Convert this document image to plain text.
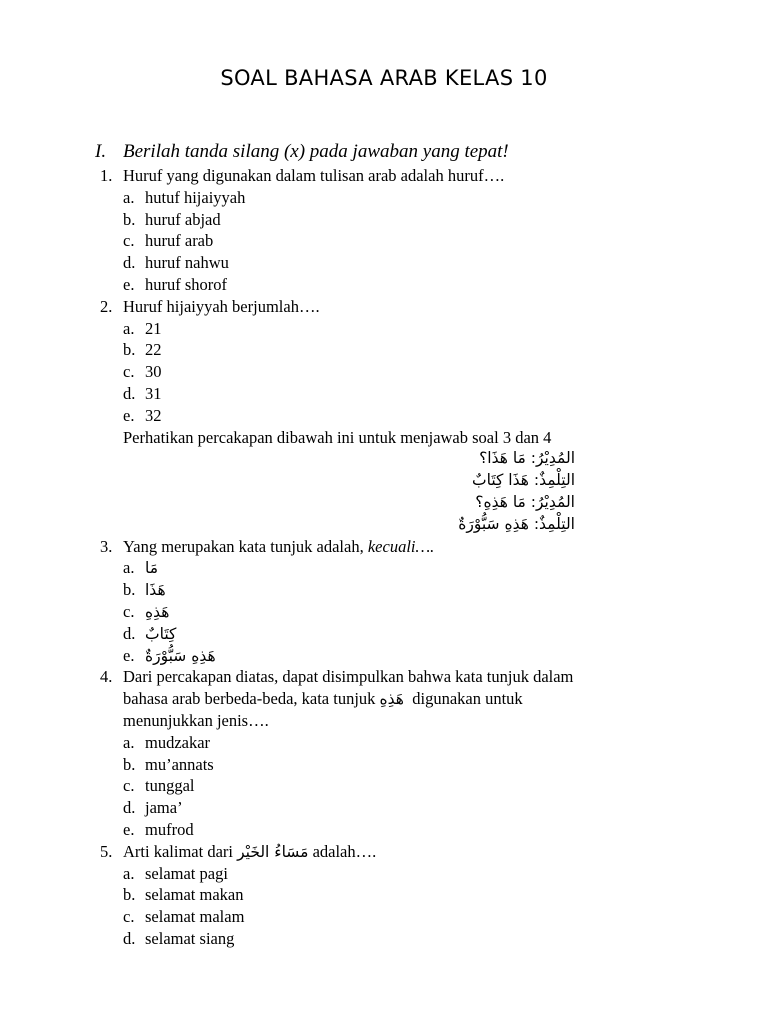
SOAL BAHASA ARAB KELAS 10
I. Berilah tanda silang (x) pada jawaban yang tepat!
1. Huruf yang digunakan dalam tulisan arab adalah huruf….
a. hutuf hijaiyyah
b. huruf abjad
c. huruf arab
d. huruf nahwu
e. huruf shorof
2. Huruf hijaiyyah berjumlah….
a. 21
b. 22
c. 30
d. 31
e. 32
Perhatikan percakapan dibawah ini untuk menjawab soal 3 dan 4
المُدِيْرُ: مَا هَذَا؟
التِلْمِذٌ: هَذَا كِتَابٌ
المُدِيْرُ: مَا هَذِهِ؟
التِلْمِذٌ: هَذِهِ سَبُّوْرَةٌ
3. Yang merupakan kata tunjuk adalah, kecuali….
a. مَا
b. هَذَا
c. هَذِهِ
d. كِتَابٌ
e. هَذِهِ سَبُّوْرَةٌ
4. Dari percakapan diatas, dapat disimpulkan bahwa kata tunjuk dalam
bahasa arab berbeda-beda, kata tunjuk هَذِهِ  digunakan untuk
menunjukkan jenis….
a. mudzakar
b. mu’annats
c. tunggal
d. jama’
e. mufrod
5. Arti kalimat dari مَسَاءُ الخَيْر adalah….
a. selamat pagi
b. selamat makan
c. selamat malam
d. selamat siang
